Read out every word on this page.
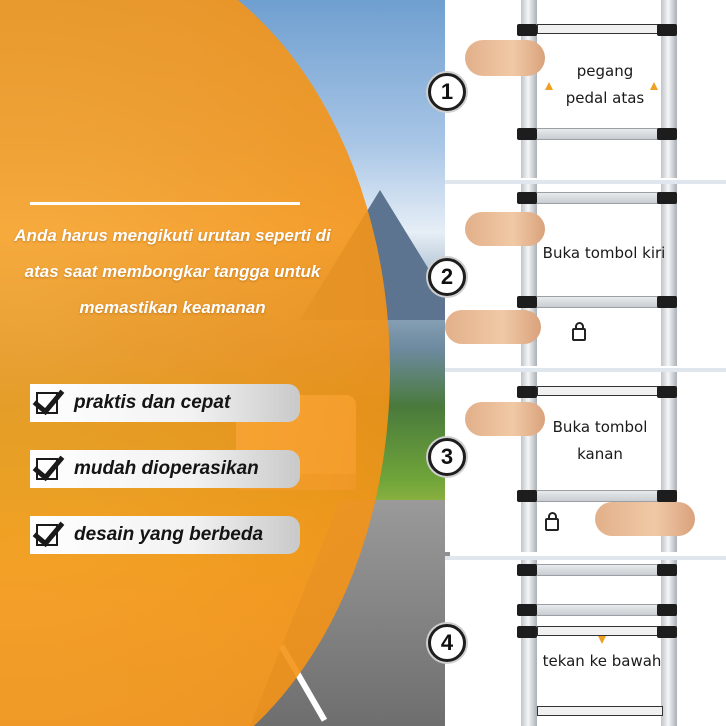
Anda harus mengikuti urutan seperti di
atas saat membongkar tangga untuk
memastikan keamanan
praktis dan cepat
mudah dioperasikan
desain yang berbeda
pegang
pedal atas
Buka tombol kiri
Buka tombol
kanan
tekan ke bawah
1
2
3
4
